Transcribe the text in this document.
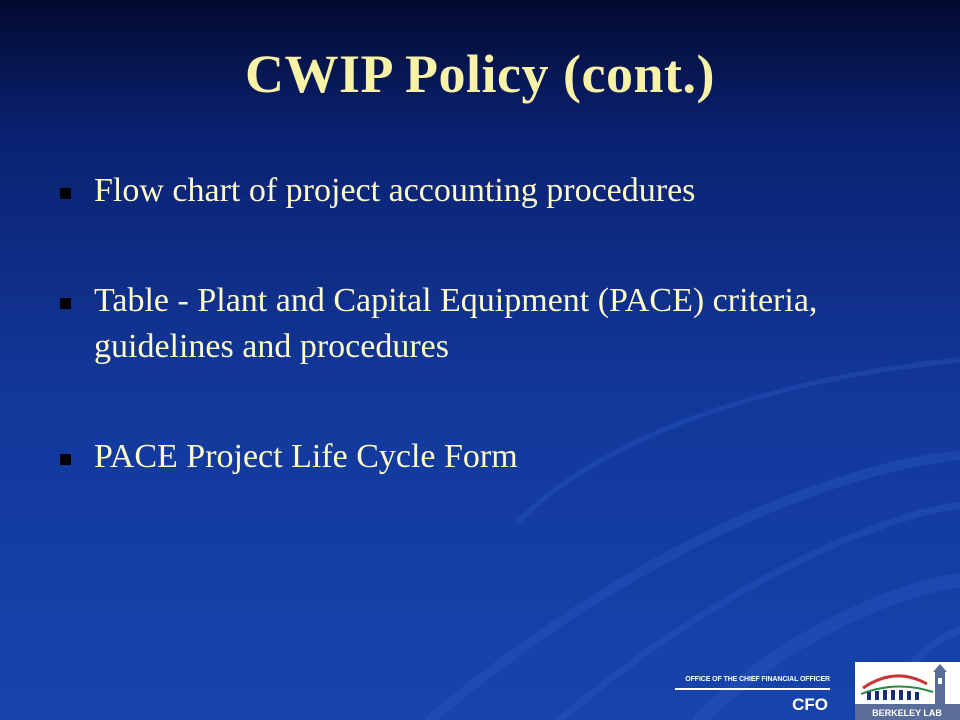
CWIP Policy (cont.)
Flow chart of project accounting procedures
Table - Plant and Capital Equipment (PACE) criteria, guidelines and procedures
PACE Project Life Cycle Form
OFFICE OF THE CHIEF FINANCIAL OFFICER
CFO	BERKELEY LAB
